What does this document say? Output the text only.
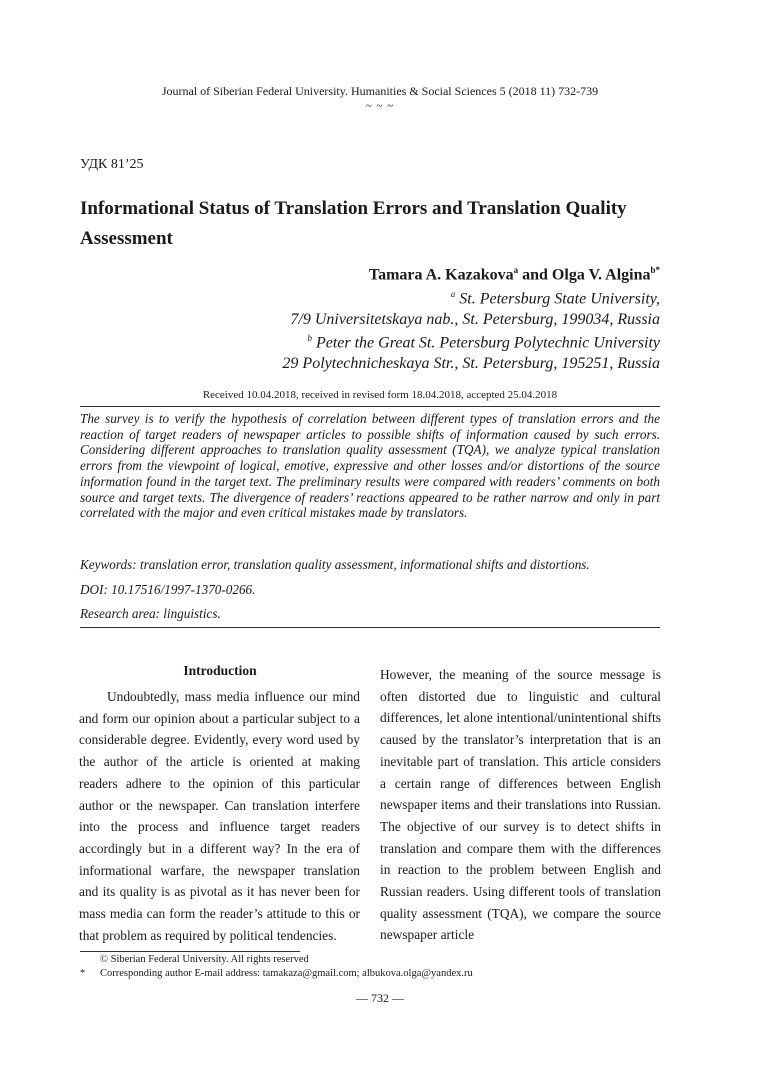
Journal of Siberian Federal University. Humanities & Social Sciences 5 (2018 11) 732-739
~ ~ ~
УДК 81’25
Informational Status of Translation Errors and Translation Quality Assessment
Tamara A. Kazakova$^a$ and Olga V. Algina$^{b*}$
$^a$ St. Petersburg State University,
7/9 Universitetskaya nab., St. Petersburg, 199034, Russia
$^b$ Peter the Great St. Petersburg Polytechnic University
29 Polytechnicheskaya Str., St. Petersburg, 195251, Russia
Received 10.04.2018, received in revised form 18.04.2018, accepted 25.04.2018
The survey is to verify the hypothesis of correlation between different types of translation errors and the reaction of target readers of newspaper articles to possible shifts of information caused by such errors. Considering different approaches to translation quality assessment (TQA), we analyze typical translation errors from the viewpoint of logical, emotive, expressive and other losses and/or distortions of the source information found in the target text. The preliminary results were compared with readers’ comments on both source and target texts. The divergence of readers’ reactions appeared to be rather narrow and only in part correlated with the major and even critical mistakes made by translators.
Keywords: translation error, translation quality assessment, informational shifts and distortions.
DOI: 10.17516/1997-1370-0266.
Research area: linguistics.
Introduction
Undoubtedly, mass media influence our mind and form our opinion about a particular subject to a considerable degree. Evidently, every word used by the author of the article is oriented at making readers adhere to the opinion of this particular author or the newspaper. Can translation interfere into the process and influence target readers accordingly but in a different way? In the era of informational warfare, the newspaper translation and its quality is as pivotal as it has never been for mass media can form the reader’s attitude to this or that problem as required by political tendencies.
However, the meaning of the source message is often distorted due to linguistic and cultural differences, let alone intentional/unintentional shifts caused by the translator’s interpretation that is an inevitable part of translation. This article considers a certain range of differences between English newspaper items and their translations into Russian. The objective of our survey is to detect shifts in translation and compare them with the differences in reaction to the problem between English and Russian readers. Using different tools of translation quality assessment (TQA), we compare the source newspaper article
© Siberian Federal University. All rights reserved
* Corresponding author E-mail address: tamakaza@gmail.com; albukova.olga@yandex.ru
— 732 —
